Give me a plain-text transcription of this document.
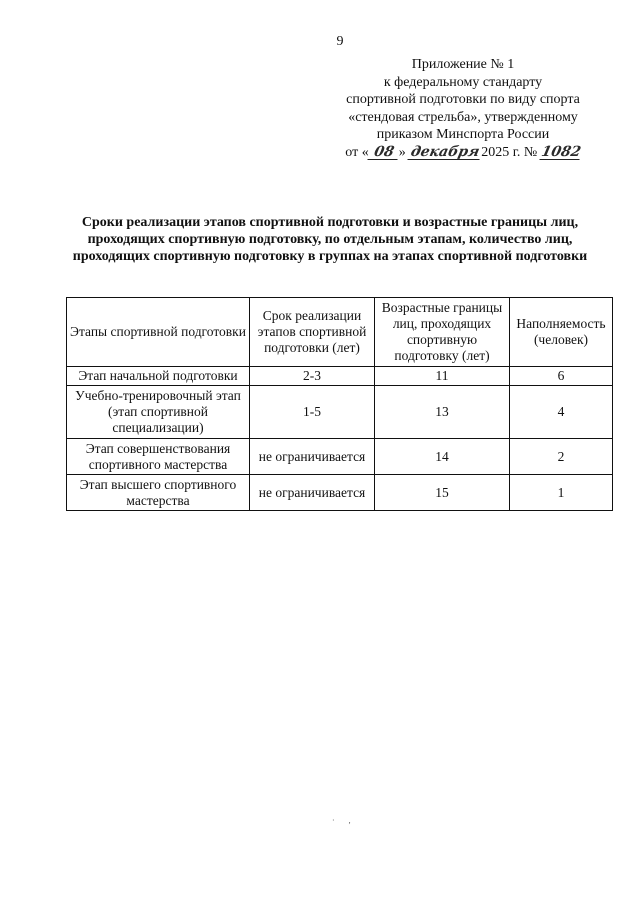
9
Приложение № 1
к федеральному стандарту
спортивной подготовки по виду спорта
«стендовая стрельба», утвержденному
приказом Минспорта России
от « 08 » декабря2025 г. № 1082
Сроки реализации этапов спортивной подготовки и возрастные границы лиц, проходящих спортивную подготовку, по отдельным этапам, количество лиц, проходящих спортивную подготовку в группах на этапах спортивной подготовки
Этапы спортивной подготовки	Срок реализации этапов спортивной подготовки (лет)	Возрастные границы лиц, проходящих спортивную подготовку (лет)	Наполняемость (человек)
Этап начальной подготовки	2-3	11	6
Учебно-тренировочный этап (этап спортивной специализации)	1-5	13	4
Этап совершенствования спортивного мастерства	не ограничивается	14	2
Этап высшего спортивного мастерства	не ограничивается	15	1
·       ,
